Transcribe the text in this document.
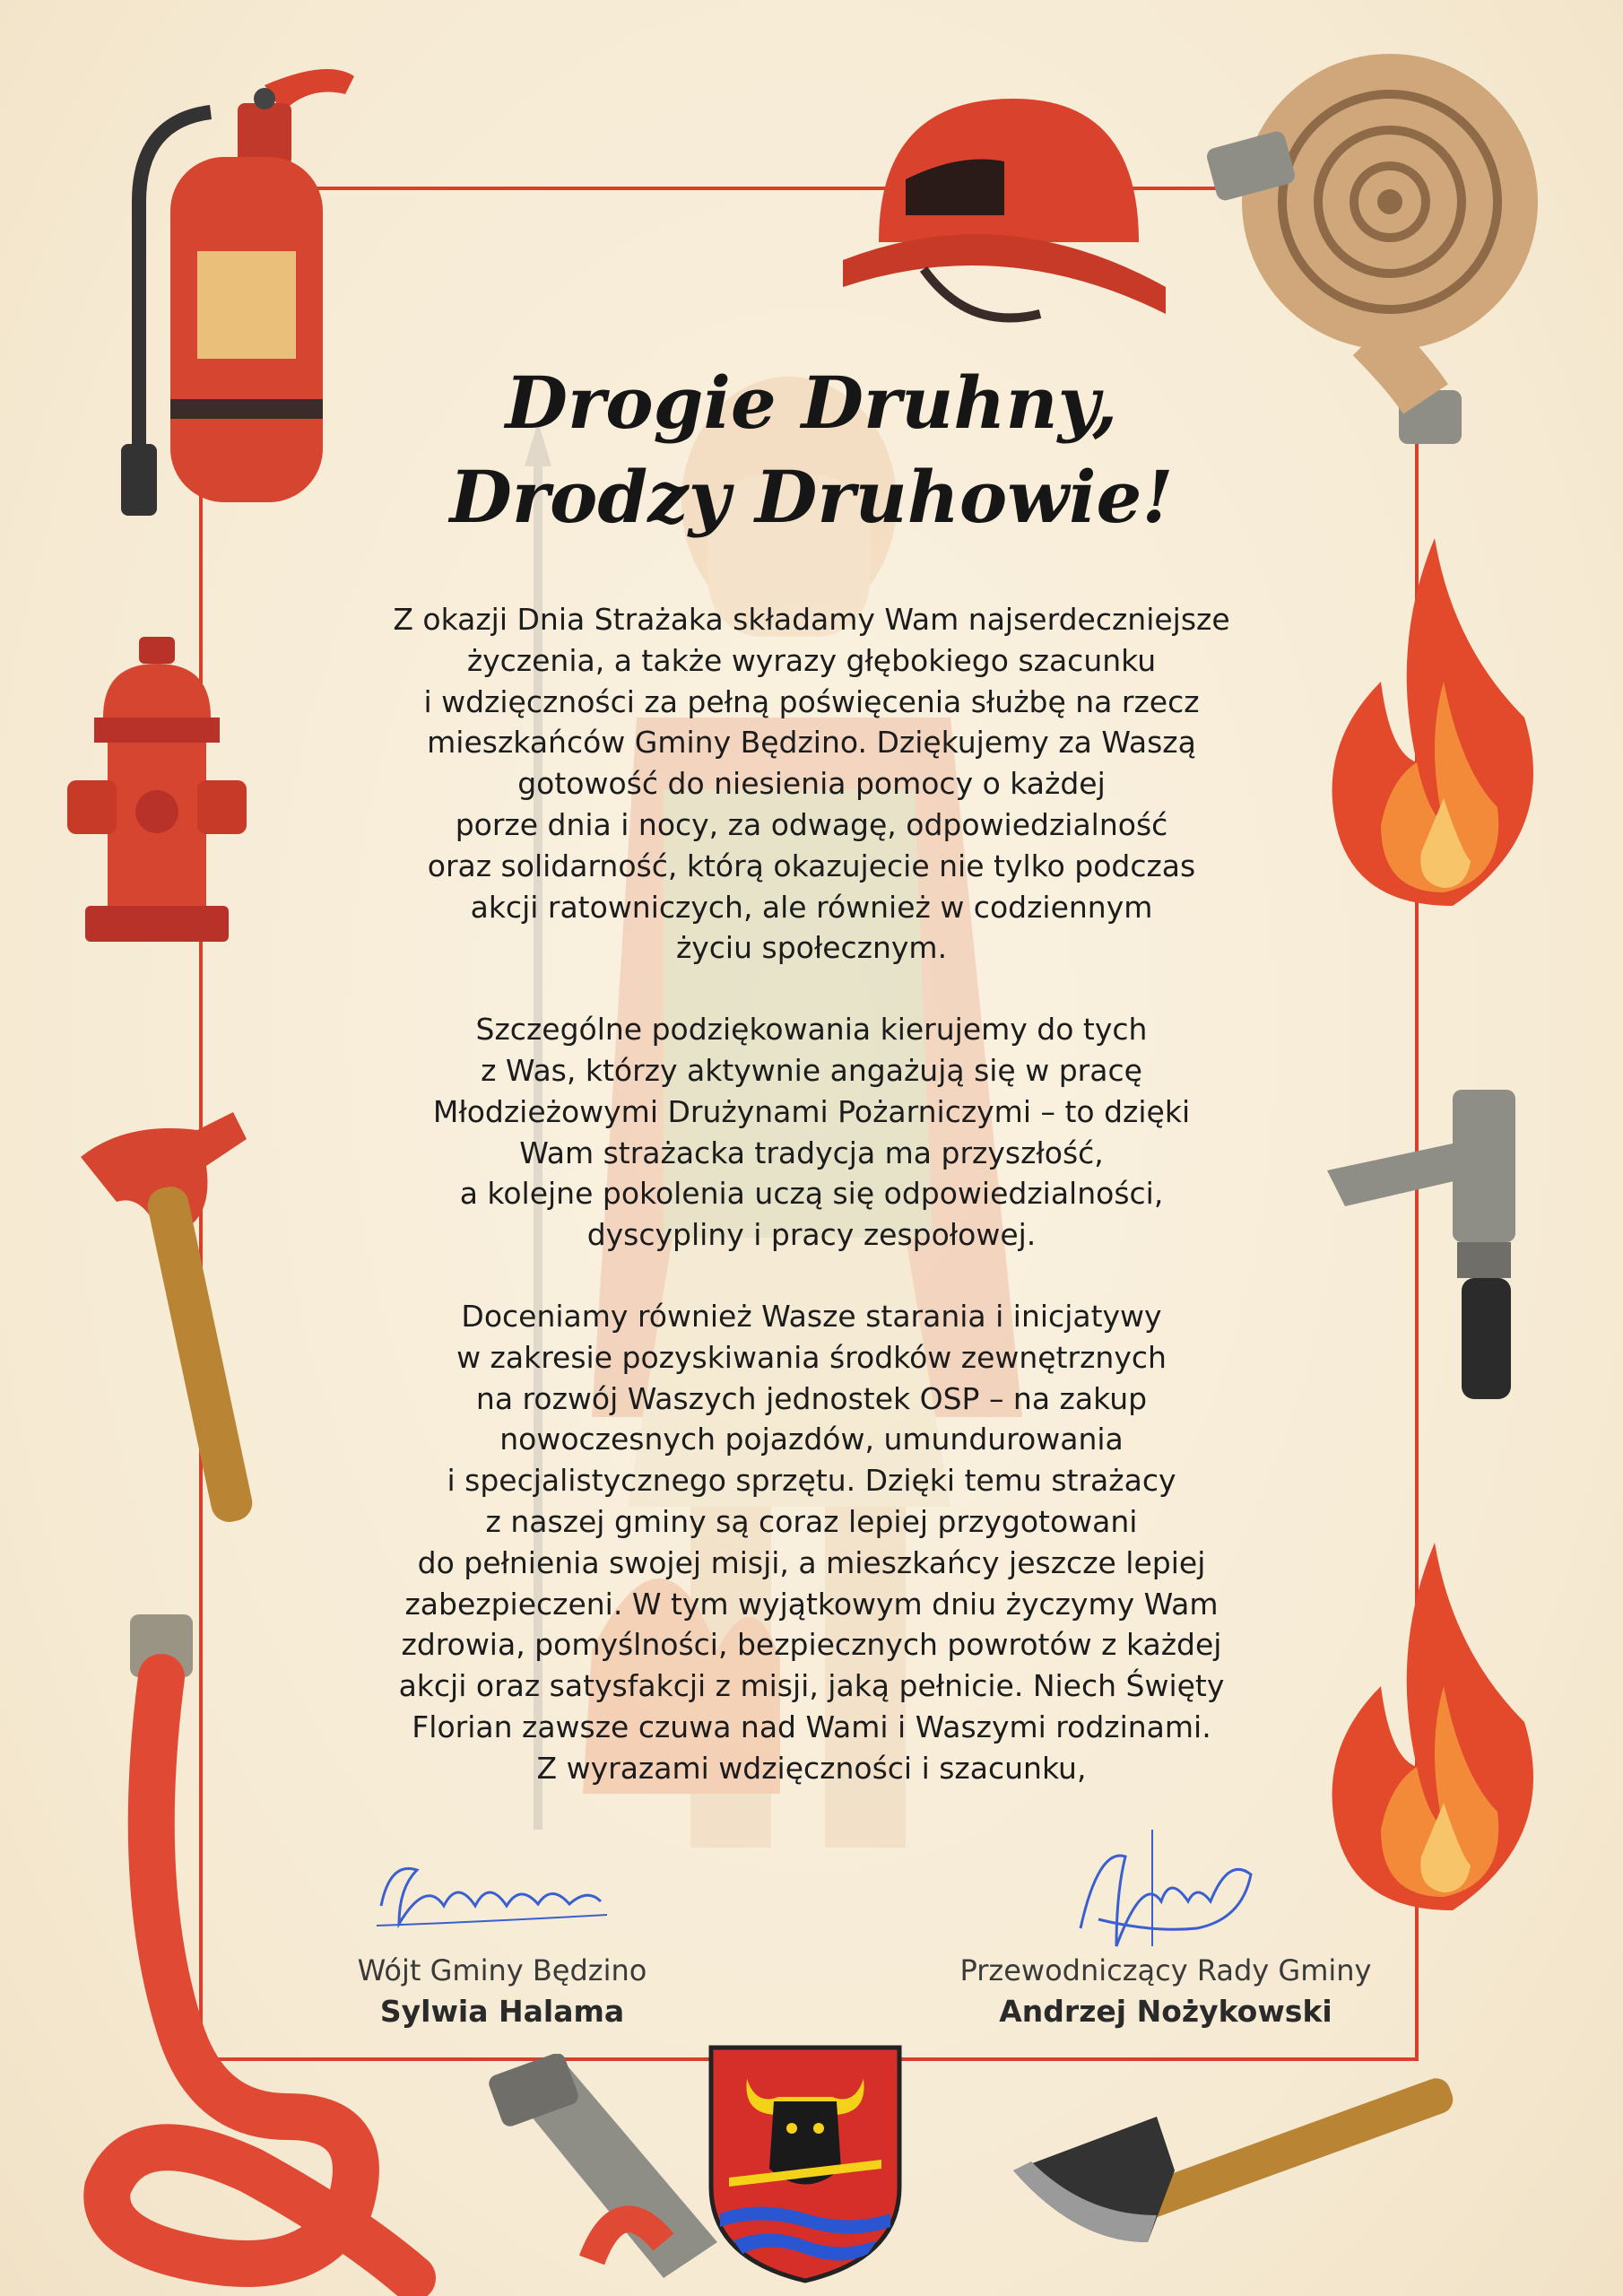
Drogie Druhny,
Drodzy Druhowie!

Z okazji Dnia Strażaka składamy Wam najserdeczniejsze

życzenia, a także wyrazy głębokiego szacunku

i wdzięczności za pełną poświęcenia służbę na rzecz

mieszkańców Gminy Będzino. Dziękujemy za Waszą

gotowość do niesienia pomocy o każdej

porze dnia i nocy, za odwagę, odpowiedzialność

oraz solidarność, którą okazujecie nie tylko podczas

akcji ratowniczych, ale również w codziennym

życiu społecznym.

Szczególne podziękowania kierujemy do tych

z Was, którzy aktywnie angażują się w pracę

Młodzieżowymi Drużynami Pożarniczymi – to dzięki

Wam strażacka tradycja ma przyszłość,

a kolejne pokolenia uczą się odpowiedzialności,

dyscypliny i pracy zespołowej.

Doceniamy również Wasze starania i inicjatywy

w zakresie pozyskiwania środków zewnętrznych

na rozwój Waszych jednostek OSP – na zakup

nowoczesnych pojazdów, umundurowania

i specjalistycznego sprzętu. Dzięki temu strażacy

z naszej gminy są coraz lepiej przygotowani

do pełnienia swojej misji, a mieszkańcy jeszcze lepiej

zabezpieczeni. W tym wyjątkowym dniu życzymy Wam

zdrowia, pomyślności, bezpiecznych powrotów z każdej

akcji oraz satysfakcji z misji, jaką pełnicie. Niech Święty

Florian zawsze czuwa nad Wami i Waszymi rodzinami.

Z wyrazami wdzięczności i szacunku,

Wójt Gminy Będzino
Sylwia Halama
Przewodniczący Rady Gminy
Andrzej Nożykowski
